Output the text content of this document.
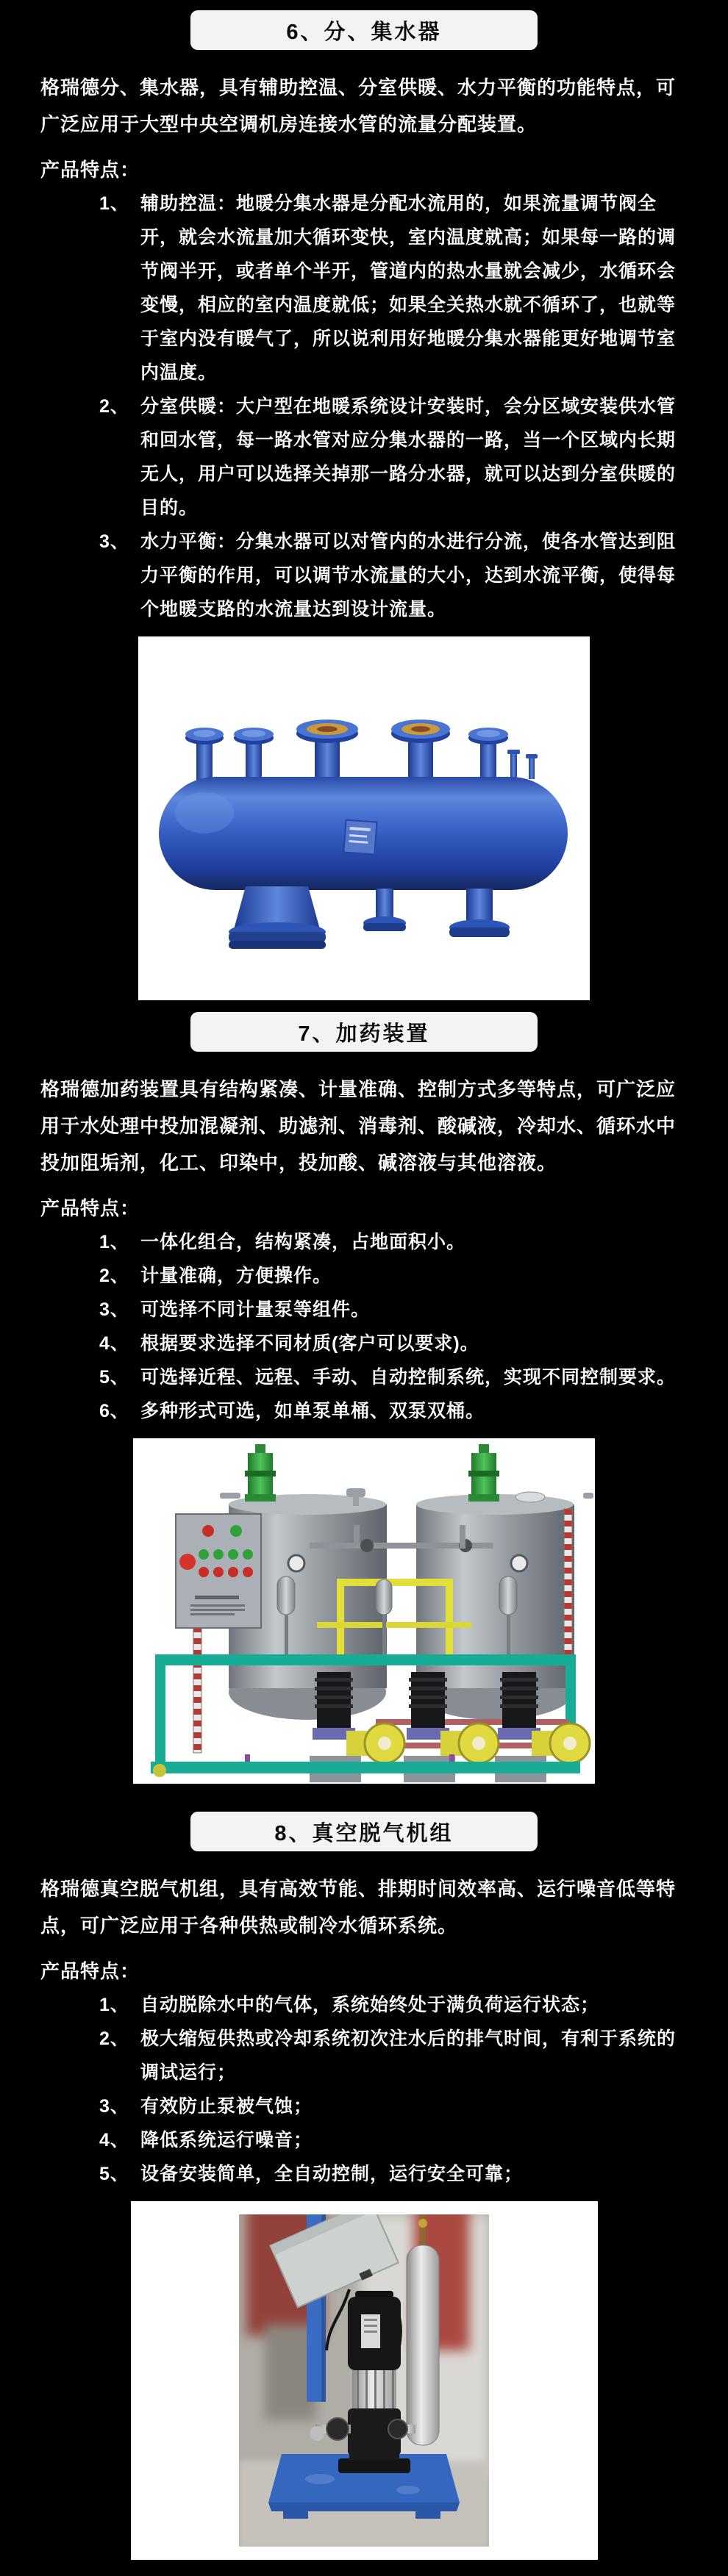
6、分、集水器

格瑞德分、集水器，具有辅助控温、分室供暖、水力平衡的功能特点，可广泛应用于大型中央空调机房连接水管的流量分配装置。

产品特点：
1、 辅助控温：地暖分集水器是分配水流用的，如果流量调节阀全开，就会水流量加大循环变快，室内温度就高；如果每一路的调节阀半开，或者单个半开，管道内的热水量就会减少，水循环会变慢，相应的室内温度就低；如果全关热水就不循环了，也就等于室内没有暖气了，所以说利用好地暖分集水器能更好地调节室内温度。
2、 分室供暖：大户型在地暖系统设计安装时，会分区域安装供水管和回水管，每一路水管对应分集水器的一路，当一个区域内长期无人，用户可以选择关掉那一路分水器，就可以达到分室供暖的目的。
3、 水力平衡：分集水器可以对管内的水进行分流，使各水管达到阻力平衡的作用，可以调节水流量的大小，达到水流平衡，使得每个地暖支路的水流量达到设计流量。
7、加药装置

格瑞德加药装置具有结构紧凑、计量准确、控制方式多等特点，可广泛应用于水处理中投加混凝剂、助滤剂、消毒剂、酸碱液，冷却水、循环水中投加阻垢剂，化工、印染中，投加酸、碱溶液与其他溶液。

产品特点：
1、 一体化组合，结构紧凑，占地面积小。
2、 计量准确，方便操作。
3、 可选择不同计量泵等组件。
4、 根据要求选择不同材质(客户可以要求)。
5、 可选择近程、远程、手动、自动控制系统，实现不同控制要求。
6、 多种形式可选，如单泵单桶、双泵双桶。
8、真空脱气机组

格瑞德真空脱气机组，具有高效节能、排期时间效率高、运行噪音低等特点，可广泛应用于各种供热或制冷水循环系统。

产品特点：
1、 自动脱除水中的气体，系统始终处于满负荷运行状态；
2、 极大缩短供热或冷却系统初次注水后的排气时间，有利于系统的调试运行；
3、 有效防止泵被气蚀；
4、 降低系统运行噪音；
5、 设备安装简单，全自动控制，运行安全可靠；
